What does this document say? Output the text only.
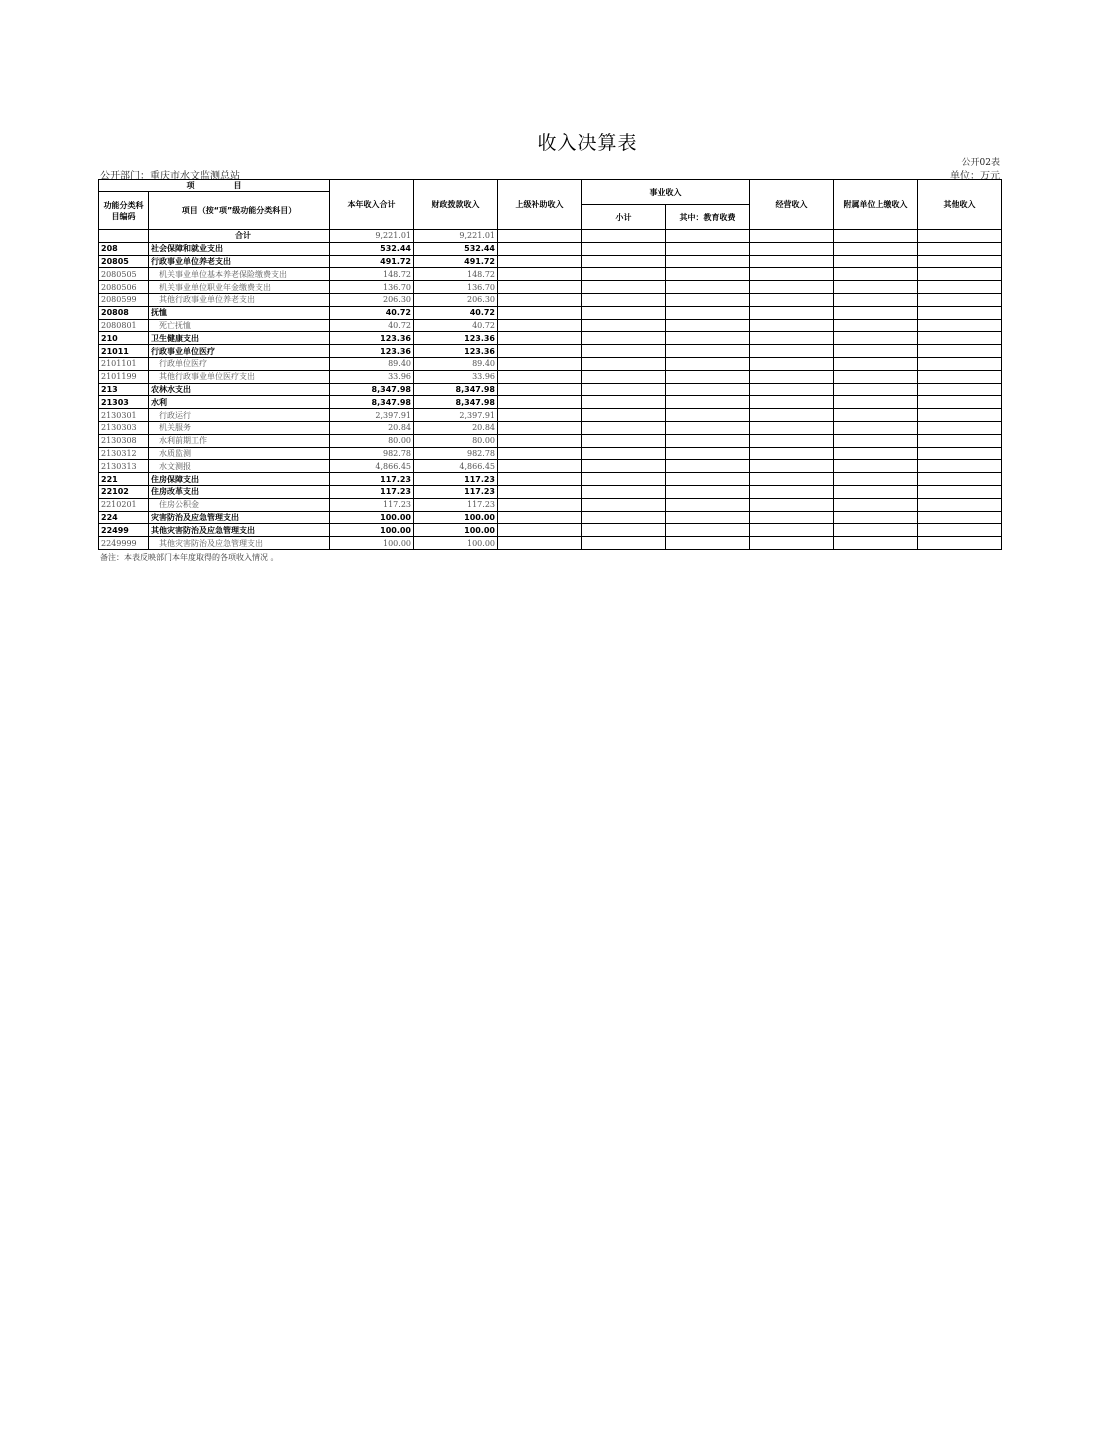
收入决算表
公开02表
公开部门：重庆市水文监测总站	单位：万元
项              目		本年收入合计	财政拨款收入	上级补助收入	事业收入		经营收入	附属单位上缴收入	其他收入
功能分类科目编码	项目（按“项”级功能分类科目）								
					小计	其中：教育收费			
	合计	9,221.01	9,221.01						
208	社会保障和就业支出	532.44	532.44						
20805	行政事业单位养老支出	491.72	491.72						
2080505	机关事业单位基本养老保险缴费支出	148.72	148.72						
2080506	机关事业单位职业年金缴费支出	136.70	136.70						
2080599	其他行政事业单位养老支出	206.30	206.30						
20808	抚恤	40.72	40.72						
2080801	死亡抚恤	40.72	40.72						
210	卫生健康支出	123.36	123.36						
21011	行政事业单位医疗	123.36	123.36						
2101101	行政单位医疗	89.40	89.40						
2101199	其他行政事业单位医疗支出	33.96	33.96						
213	农林水支出	8,347.98	8,347.98						
21303	水利	8,347.98	8,347.98						
2130301	行政运行	2,397.91	2,397.91						
2130303	机关服务	20.84	20.84						
2130308	水利前期工作	80.00	80.00						
2130312	水质监测	982.78	982.78						
2130313	水文测报	4,866.45	4,866.45						
221	住房保障支出	117.23	117.23						
22102	住房改革支出	117.23	117.23						
2210201	住房公积金	117.23	117.23						
224	灾害防治及应急管理支出	100.00	100.00						
22499	其他灾害防治及应急管理支出	100.00	100.00						
2249999	其他灾害防治及应急管理支出	100.00	100.00						
备注：本表反映部门本年度取得的各项收入情况 。
